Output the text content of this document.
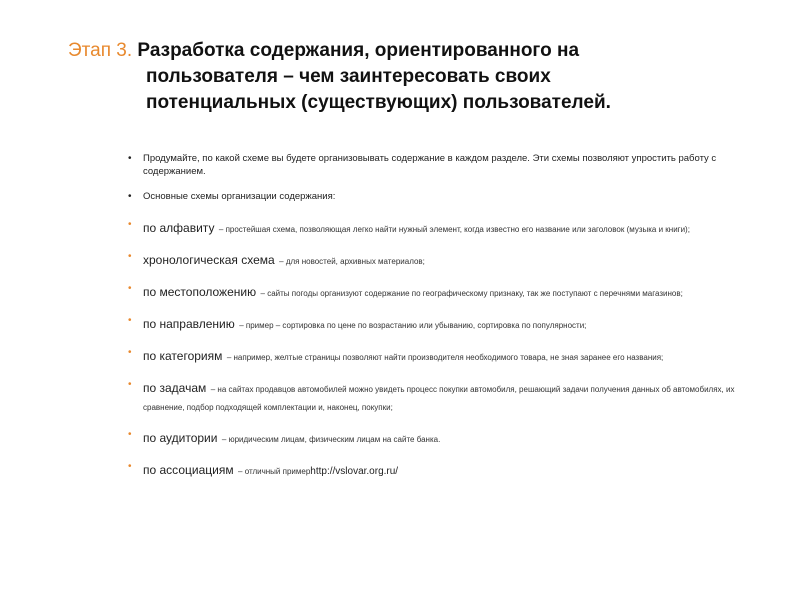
Этап 3. Разработка содержания, ориентированного на
пользователя – чем заинтересовать своих
потенциальных (существующих) пользователей.
• Продумайте, по какой схеме вы будете организовывать содержание в каждом разделе. Эти схемы позволяют упростить работу с содержанием.
• Основные схемы организации содержания:
• по алфавиту – простейшая схема, позволяющая легко найти нужный элемент, когда известно его название или заголовок (музыка и книги);
• хронологическая схема – для новостей, архивных материалов;
• по местоположению – сайты погоды организуют содержание по географическому признаку, так же поступают с перечнями магазинов;
• по направлению – пример – сортировка по цене по возрастанию или убыванию, сортировка по популярности;
• по категориям – например, желтые страницы позволяют найти производителя необходимого товара, не зная заранее его названия;
• по задачам – на сайтах продавцов автомобилей можно увидеть процесс покупки автомобиля, решающий задачи получения данных об автомобилях, их сравнение, подбор подходящей комплектации и, наконец, покупки;
• по аудитории – юридическим лицам, физическим лицам на сайте банка.
• по ассоциациям – отличный примерhttp://vslovar.org.ru/
